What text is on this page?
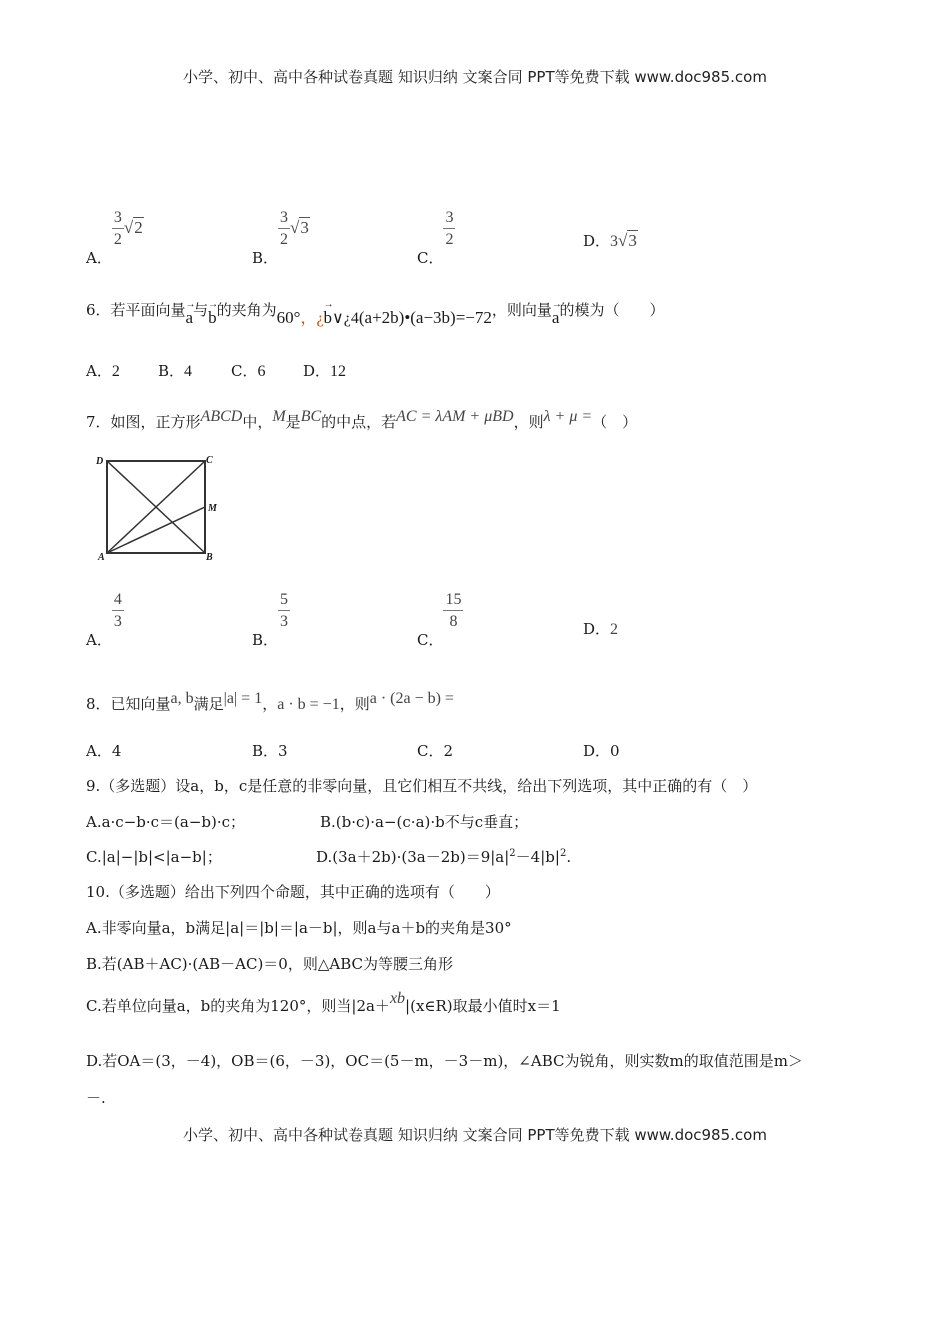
小学、初中、高中各种试卷真题 知识归纳 文案合同 PPT等免费下载 www.doc985.com
A．
$\frac{3}{2} √2$
B．
$\frac{3}{2} √3$
C．
$\frac{3}{2}$	D．3√3
6．若平面向量→ a与→ b的夹角为60°，¿→ b∨¿4(a+2b)•(a−3b)=−72，则向量→ a的模为（　　）
A．2	B．4	C．6	D．12
7．如图，正方形ABCD中，M是BC的中点，若AC = λAM + μBD，则λ + μ =（　）
D	C
M
A	B
A．
$\frac{4}{3}$
B．
$\frac{5}{3}$
C．
$\frac{15}{8}$	D．2
8．已知向量a, b满足|a| = 1，a · b = −1，则a · (2a − b) =
A．4	B．3	C．2	D．0
9.（多选题）设a，b，c是任意的非零向量，且它们相互不共线，给出下列选项，其中正确的有（　）
A.a·c−b·c＝(a−b)·c；	B.(b·c)·a−(c·a)·b不与c垂直；
C.|a|−|b|<|a−b|；	$D.(3a+2b)\cdot(3a-2b)=9|a|^2-4|b|^2$.
10.（多选题）给出下列四个命题，其中正确的选项有（　　）
A.非零向量a，b满足|a|＝|b|＝|a－b|，则a与a＋b的夹角是30°
B.若(AB＋AC)·(AB－AC)＝0，则△ABC为等腰三角形
C.若单位向量a，b的夹角为120°，则当|2a＋xb|(x∈R)取最小值时x＝1
D.若OA＝(3，－4)，OB＝(6，－3)，OC＝(5－m，－3－m)，∠ABC为锐角，则实数m的取值范围是m＞
－.
小学、初中、高中各种试卷真题 知识归纳 文案合同 PPT等免费下载 www.doc985.com
